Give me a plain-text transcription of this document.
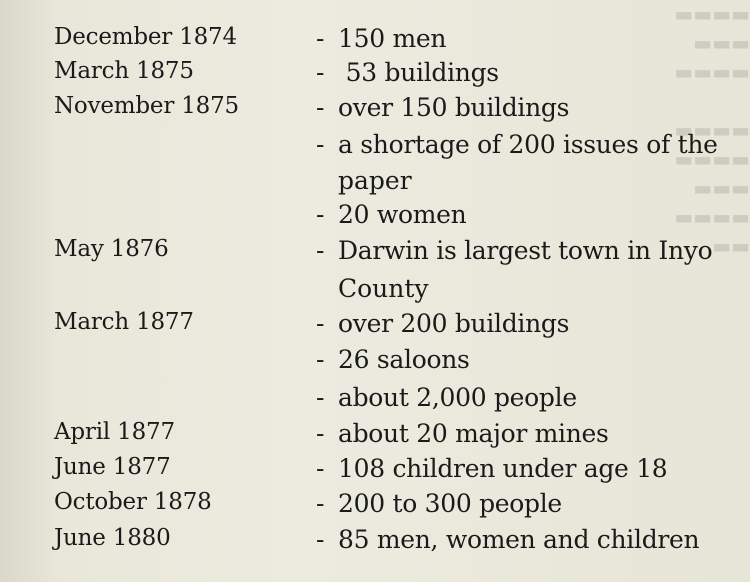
▬▬▬▬
▬▬▬
▬▬▬▬

▬▬▬▬
▬▬▬▬
▬▬▬
▬▬▬▬
▬▬
December 1874	- 150 men
March 1875	- 53 buildings
November 1875	- over 150 buildings
- a shortage of 200 issues of the
paper
- 20 women
May 1876	- Darwin is largest town in Inyo
County
March 1877	- over 200 buildings
- 26 saloons
- about 2,000 people
April 1877	- about 20 major mines
June 1877	- 108 children under age 18
October 1878	- 200 to 300 people
June 1880	- 85 men, women and children
